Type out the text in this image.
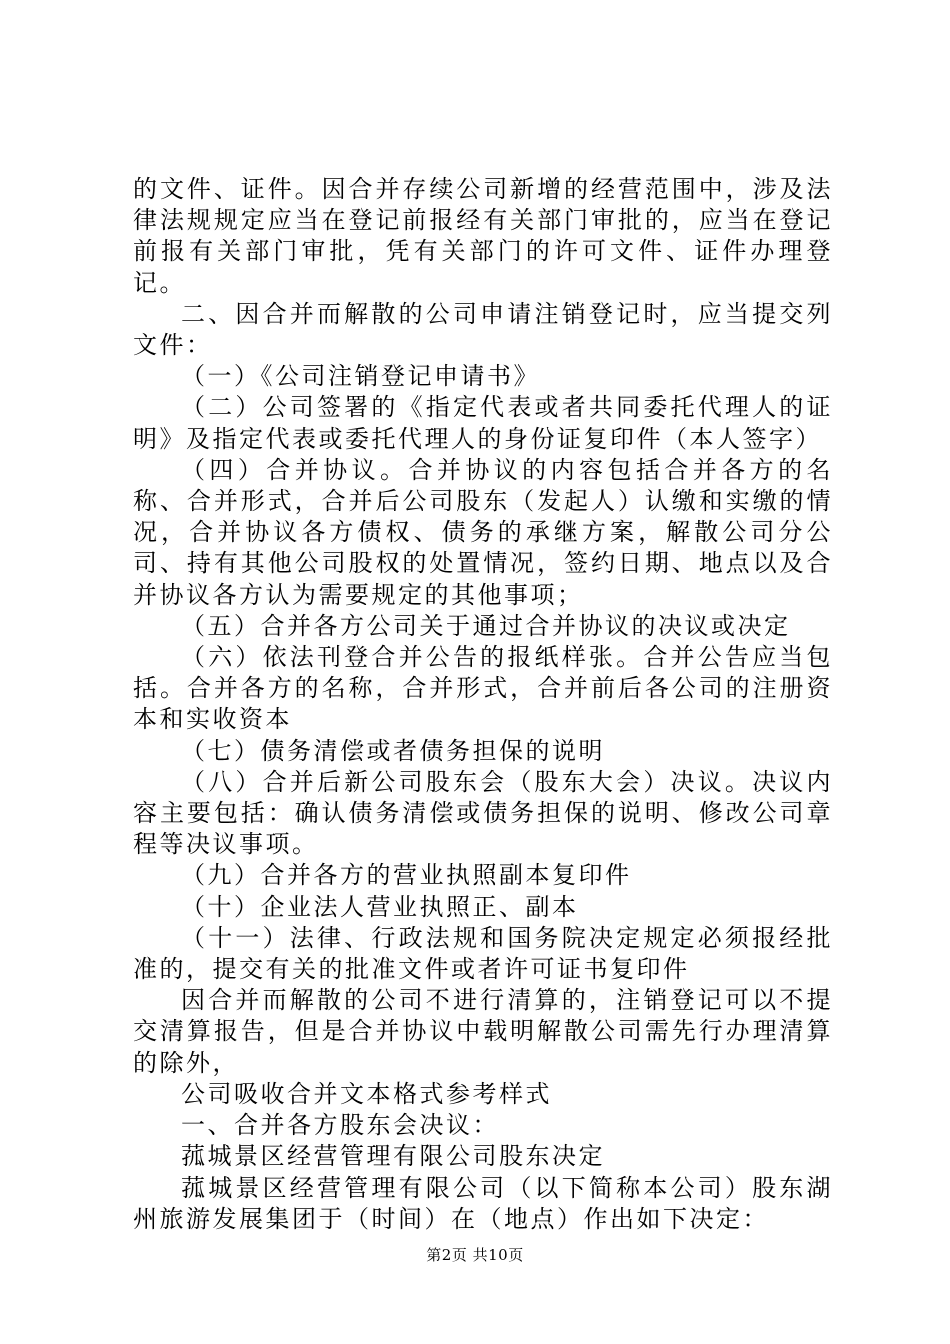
的文件、证件。因合并存续公司新增的经营范围中，涉及法律法规规定应当在登记前报经有关部门审批的，应当在登记前报有关部门审批，凭有关部门的许可文件、证件办理登记。

二、因合并而解散的公司申请注销登记时，应当提交列文件：

（一）《公司注销登记申请书》

（二）公司签署的《指定代表或者共同委托代理人的证明》及指定代表或委托代理人的身份证复印件（本人签字）

（四）合并协议。合并协议的内容包括合并各方的名称、合并形式，合并后公司股东（发起人）认缴和实缴的情况，合并协议各方债权、债务的承继方案，解散公司分公司、持有其他公司股权的处置情况，签约日期、地点以及合并协议各方认为需要规定的其他事项；

（五）合并各方公司关于通过合并协议的决议或决定

（六）依法刊登合并公告的报纸样张。合并公告应当包括。合并各方的名称，合并形式，合并前后各公司的注册资本和实收资本

（七）债务清偿或者债务担保的说明

（八）合并后新公司股东会（股东大会）决议。决议内容主要包括：确认债务清偿或债务担保的说明、修改公司章程等决议事项。

（九）合并各方的营业执照副本复印件

（十）企业法人营业执照正、副本

（十一）法律、行政法规和国务院决定规定必须报经批准的，提交有关的批准文件或者许可证书复印件

因合并而解散的公司不进行清算的，注销登记可以不提交清算报告，但是合并协议中载明解散公司需先行办理清算的除外，

公司吸收合并文本格式参考样式

一、合并各方股东会决议：

菰城景区经营管理有限公司股东决定

菰城景区经营管理有限公司（以下简称本公司）股东湖州旅游发展集团于（时间）在（地点）作出如下决定：

第2页 共10页
